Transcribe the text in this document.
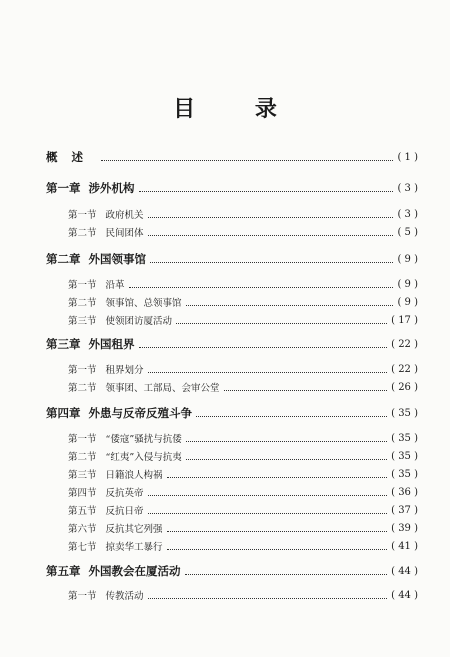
目 录
概述	( 1 )
第一章 涉外机构	( 3 )
第一节 政府机关	( 3 )
第二节 民间团体	( 5 )
第二章 外国领事馆	( 9 )
第一节 沿革	( 9 )
第二节 领事馆、总领事馆	( 9 )
第三节 使领团访厦活动	( 17 )
第三章 外国租界	( 22 )
第一节 租界划分	( 22 )
第二节 领事团、工部局、会审公堂	( 26 )
第四章 外患与反帝反殖斗争	( 35 )
第一节 “倭寇”骚扰与抗倭	( 35 )
第二节 “红夷”入侵与抗夷	( 35 )
第三节 日籍浪人构祸	( 35 )
第四节 反抗英帝	( 36 )
第五节 反抗日帝	( 37 )
第六节 反抗其它列强	( 39 )
第七节 掠卖华工暴行	( 41 )
第五章 外国教会在厦活动	( 44 )
第一节 传教活动	( 44 )
